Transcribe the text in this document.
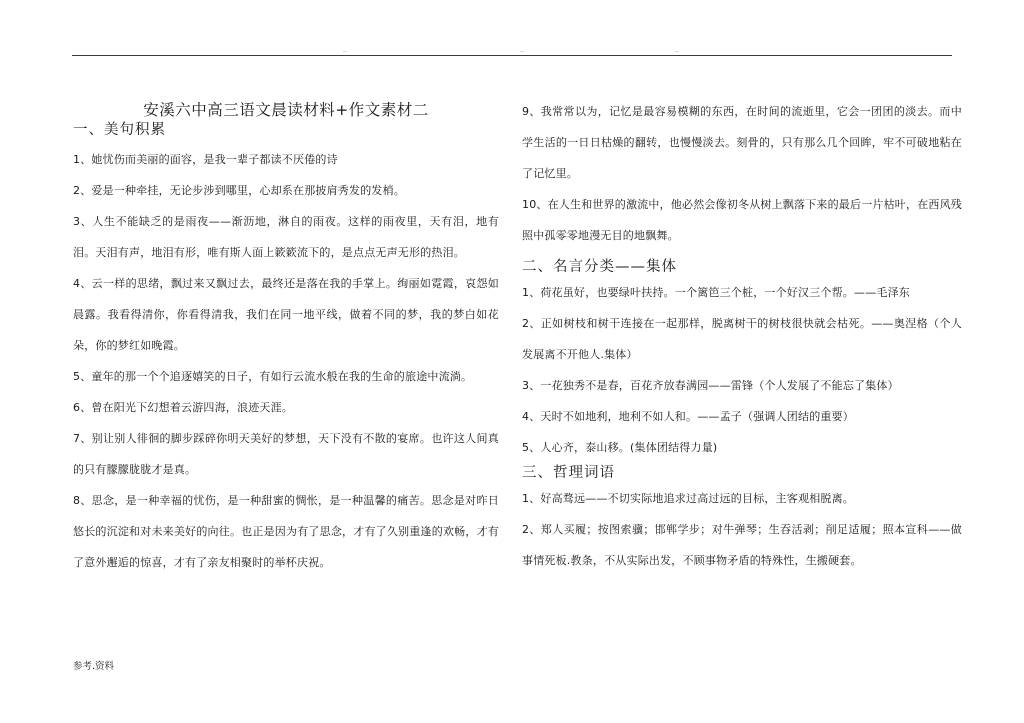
..	..	..
安溪六中高三语文晨读材料+作文素材二
一、美句积累

1、她忧伤而美丽的面容，是我一辈子都读不厌倦的诗

2、爱是一种牵挂，无论步涉到哪里，心却系在那披肩秀发的发梢。

3、人生不能缺乏的是雨夜——渐沥地，淋自的雨夜。这样的雨夜里，天有泪，地有泪。天泪有声，地泪有形，唯有斯人面上簌簌流下的，是点点无声无形的热泪。

4、云一样的思绪，飘过来又飘过去，最终还是落在我的手掌上。绚丽如霓霞，哀怨如晨露。我看得清你，你看得清我，我们在同一地平线，做着不同的梦，我的梦白如花朵，你的梦红如晚霞。

5、童年的那一个个追逐嬉笑的日子，有如行云流水般在我的生命的旅途中流淌。

6、曾在阳光下幻想着云游四海，浪迹天涯。

7、别让别人徘徊的脚步踩碎你明天美好的梦想，天下没有不散的宴席。也许这人间真的只有朦朦胧胧才是真。

8、思念，是一种幸福的忧伤，是一种甜蜜的惆怅，是一种温馨的痛苦。思念是对昨日悠长的沉淀和对未来美好的向往。也正是因为有了思念，才有了久别重逢的欢畅，才有了意外邂逅的惊喜，才有了亲友相聚时的举杯庆祝。

9、我常常以为，记忆是最容易模糊的东西，在时间的流逝里，它会一团团的淡去。而中学生活的一日日枯燥的翻转，也慢慢淡去。刻骨的，只有那么几个回眸，牢不可破地粘在了记忆里。

10、在人生和世界的激流中，他必然会像初冬从树上飘落下来的最后一片枯叶，在西风残照中孤零零地漫无目的地飘舞。

二、名言分类——集体

1、荷花虽好，也要绿叶扶持。一个篱笆三个桩，一个好汉三个帮。——毛泽东

2、正如树枝和树干连接在一起那样，脱离树干的树枝很快就会枯死。——奥涅格（个人发展离不开他人.集体）

3、一花独秀不是春，百花齐放春满园——雷锋（个人发展了不能忘了集体）

4、天时不如地利，地利不如人和。——孟子（强调人团结的重要）

5、人心齐，泰山移。(集体团结得力量)

三、哲理词语

1、好高骛远——不切实际地追求过高过远的目标，主客观相脱离。

2、郑人买履；按图索骥；邯郸学步；对牛弹琴；生吞活剥；削足适履；照本宣科——做事情死板.教条，不从实际出发，不顾事物矛盾的特殊性，生搬硬套。

参考.资料
